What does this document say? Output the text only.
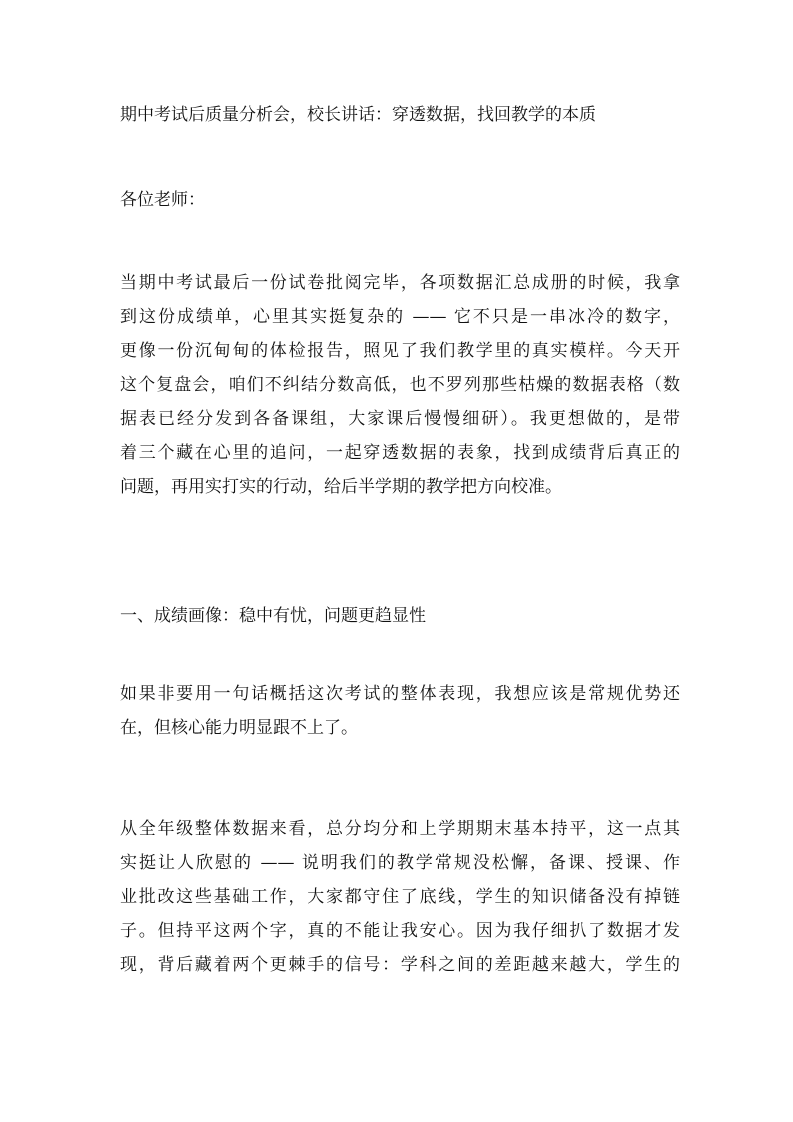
期中考试后质量分析会，校长讲话：穿透数据，找回教学的本质

各位老师：

当期中考试最后一份试卷批阅完毕，各项数据汇总成册的时候，我拿
到这份成绩单，心里其实挺复杂的 —— 它不只是一串冰冷的数字，
更像一份沉甸甸的体检报告，照见了我们教学里的真实模样。今天开
这个复盘会，咱们不纠结分数高低，也不罗列那些枯燥的数据表格（数
据表已经分发到各备课组，大家课后慢慢细研）。我更想做的，是带
着三个藏在心里的追问，一起穿透数据的表象，找到成绩背后真正的
问题，再用实打实的行动，给后半学期的教学把方向校准。

一、成绩画像：稳中有忧，问题更趋显性

如果非要用一句话概括这次考试的整体表现，我想应该是常规优势还
在，但核心能力明显跟不上了。
从全年级整体数据来看，总分均分和上学期期末基本持平，这一点其
实挺让人欣慰的 —— 说明我们的教学常规没松懈，备课、授课、作
业批改这些基础工作，大家都守住了底线，学生的知识储备没有掉链
子。但持平这两个字，真的不能让我安心。因为我仔细扒了数据才发
现，背后藏着两个更棘手的信号：学科之间的差距越来越大，学生的
